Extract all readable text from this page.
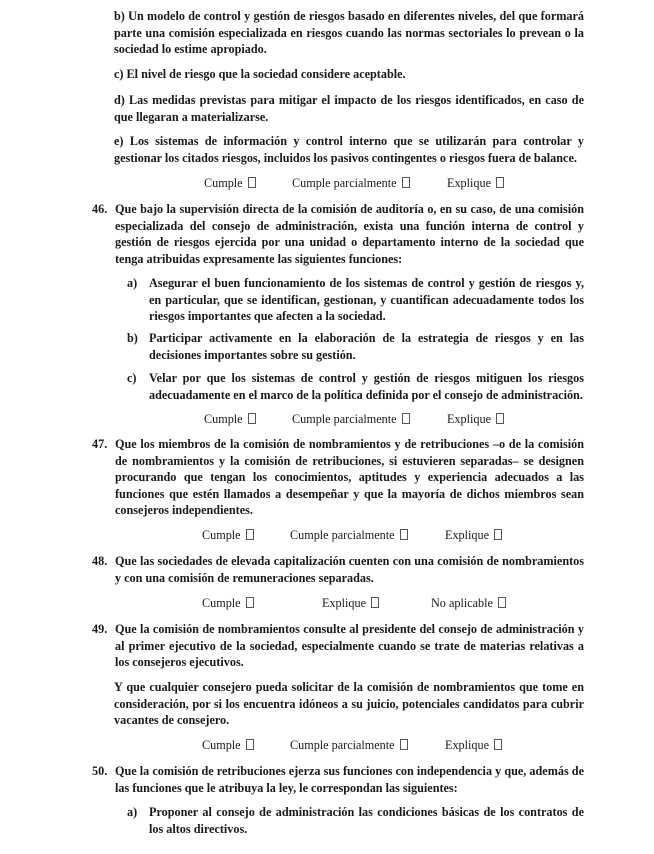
b) Un modelo de control y gestión de riesgos basado en diferentes niveles, del que formará parte una comisión especializada en riesgos cuando las normas sectoriales lo prevean o la sociedad lo estime apropiado.
c) El nivel de riesgo que la sociedad considere aceptable.
d) Las medidas previstas para mitigar el impacto de los riesgos identificados, en caso de que llegaran a materializarse.
e) Los sistemas de información y control interno que se utilizarán para controlar y gestionar los citados riesgos, incluidos los pasivos contingentes o riesgos fuera de balance.
Cumple	Cumple parcialmente	Explique
46. Que bajo la supervisión directa de la comisión de auditoría o, en su caso, de una comisión especializada del consejo de administración, exista una función interna de control y gestión de riesgos ejercida por una unidad o departamento interno de la sociedad que tenga atribuidas expresamente las siguientes funciones:
a) Asegurar el buen funcionamiento de los sistemas de control y gestión de riesgos y, en particular, que se identifican, gestionan, y cuantifican adecuadamente todos los riesgos importantes que afecten a la sociedad.
b) Participar activamente en la elaboración de la estrategia de riesgos y en las decisiones importantes sobre su gestión.
c)	Velar por que los sistemas de control y gestión de riesgos mitiguen los riesgos adecuadamente en el marco de la política definida por el consejo de administración.
Cumple	Cumple parcialmente	Explique
47. Que los miembros de la comisión de nombramientos y de retribuciones –o de la comisión de nombramientos y la comisión de retribuciones, si estuvieren separadas– se designen procurando que tengan los conocimientos, aptitudes y experiencia adecuados a las funciones que estén llamados a desempeñar y que la mayoría de dichos miembros sean consejeros independientes.
Cumple	Cumple parcialmente	Explique
48. Que las sociedades de elevada capitalización cuenten con una comisión de nombramientos y con una comisión de remuneraciones separadas.
Cumple	Explique	No aplicable
49. Que la comisión de nombramientos consulte al presidente del consejo de administración y al primer ejecutivo de la sociedad, especialmente cuando se trate de materias relativas a los consejeros ejecutivos.
Y que cualquier consejero pueda solicitar de la comisión de nombramientos que tome en consideración, por si los encuentra idóneos a su juicio, potenciales candidatos para cubrir vacantes de consejero.
Cumple	Cumple parcialmente	Explique
50. Que la comisión de retribuciones ejerza sus funciones con independencia y que, además de las funciones que le atribuya la ley, le correspondan las siguientes:
a) Proponer al consejo de administración las condiciones básicas de los contratos de los altos directivos.
